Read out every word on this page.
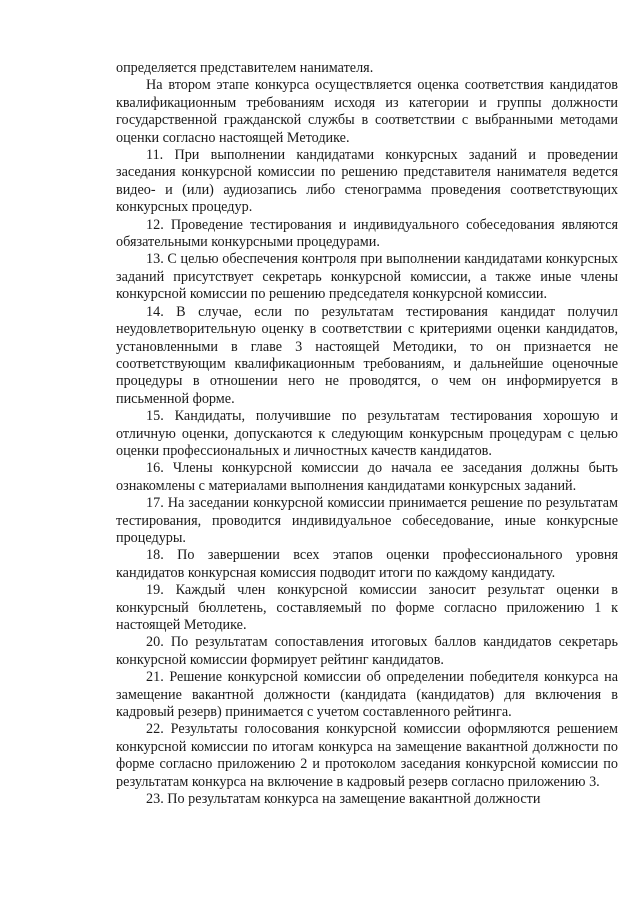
определяется представителем нанимателя.

На втором этапе конкурса осуществляется оценка соответствия кандидатов квалификационным требованиям исходя из категории и группы должности государственной гражданской службы в соответствии с выбранными методами оценки согласно настоящей Методике.

11. При выполнении кандидатами конкурсных заданий и проведении заседания конкурсной комиссии по решению представителя нанимателя ведется видео- и (или) аудиозапись либо стенограмма проведения соответствующих конкурсных процедур.

12. Проведение тестирования и индивидуального собеседования являются обязательными конкурсными процедурами.

13. С целью обеспечения контроля при выполнении кандидатами конкурсных заданий присутствует секретарь конкурсной комиссии, а также иные члены конкурсной комиссии по решению председателя конкурсной комиссии.

14. В случае, если по результатам тестирования кандидат получил неудовлетворительную оценку в соответствии с критериями оценки кандидатов, установленными в главе 3 настоящей Методики, то он признается не соответствующим квалификационным требованиям, и дальнейшие оценочные процедуры в отношении него не проводятся, о чем он информируется в письменной форме.

15. Кандидаты, получившие по результатам тестирования хорошую и отличную оценки, допускаются к следующим конкурсным процедурам с целью оценки профессиональных и личностных качеств кандидатов.

16. Члены конкурсной комиссии до начала ее заседания должны быть ознакомлены с материалами выполнения кандидатами конкурсных заданий.

17. На заседании конкурсной комиссии принимается решение по результатам тестирования, проводится индивидуальное собеседование, иные конкурсные процедуры.

18. По завершении всех этапов оценки профессионального уровня кандидатов конкурсная комиссия подводит итоги по каждому кандидату.

19. Каждый член конкурсной комиссии заносит результат оценки в конкурсный бюллетень, составляемый по форме согласно приложению 1 к настоящей Методике.

20. По результатам сопоставления итоговых баллов кандидатов секретарь конкурсной комиссии формирует рейтинг кандидатов.

21. Решение конкурсной комиссии об определении победителя конкурса на замещение вакантной должности (кандидата (кандидатов) для включения в кадровый резерв) принимается с учетом составленного рейтинга.

22. Результаты голосования конкурсной комиссии оформляются решением конкурсной комиссии по итогам конкурса на замещение вакантной должности по форме согласно приложению 2 и протоколом заседания конкурсной комиссии по результатам конкурса на включение в кадровый резерв согласно приложению 3.

23. По результатам конкурса на замещение вакантной должности
